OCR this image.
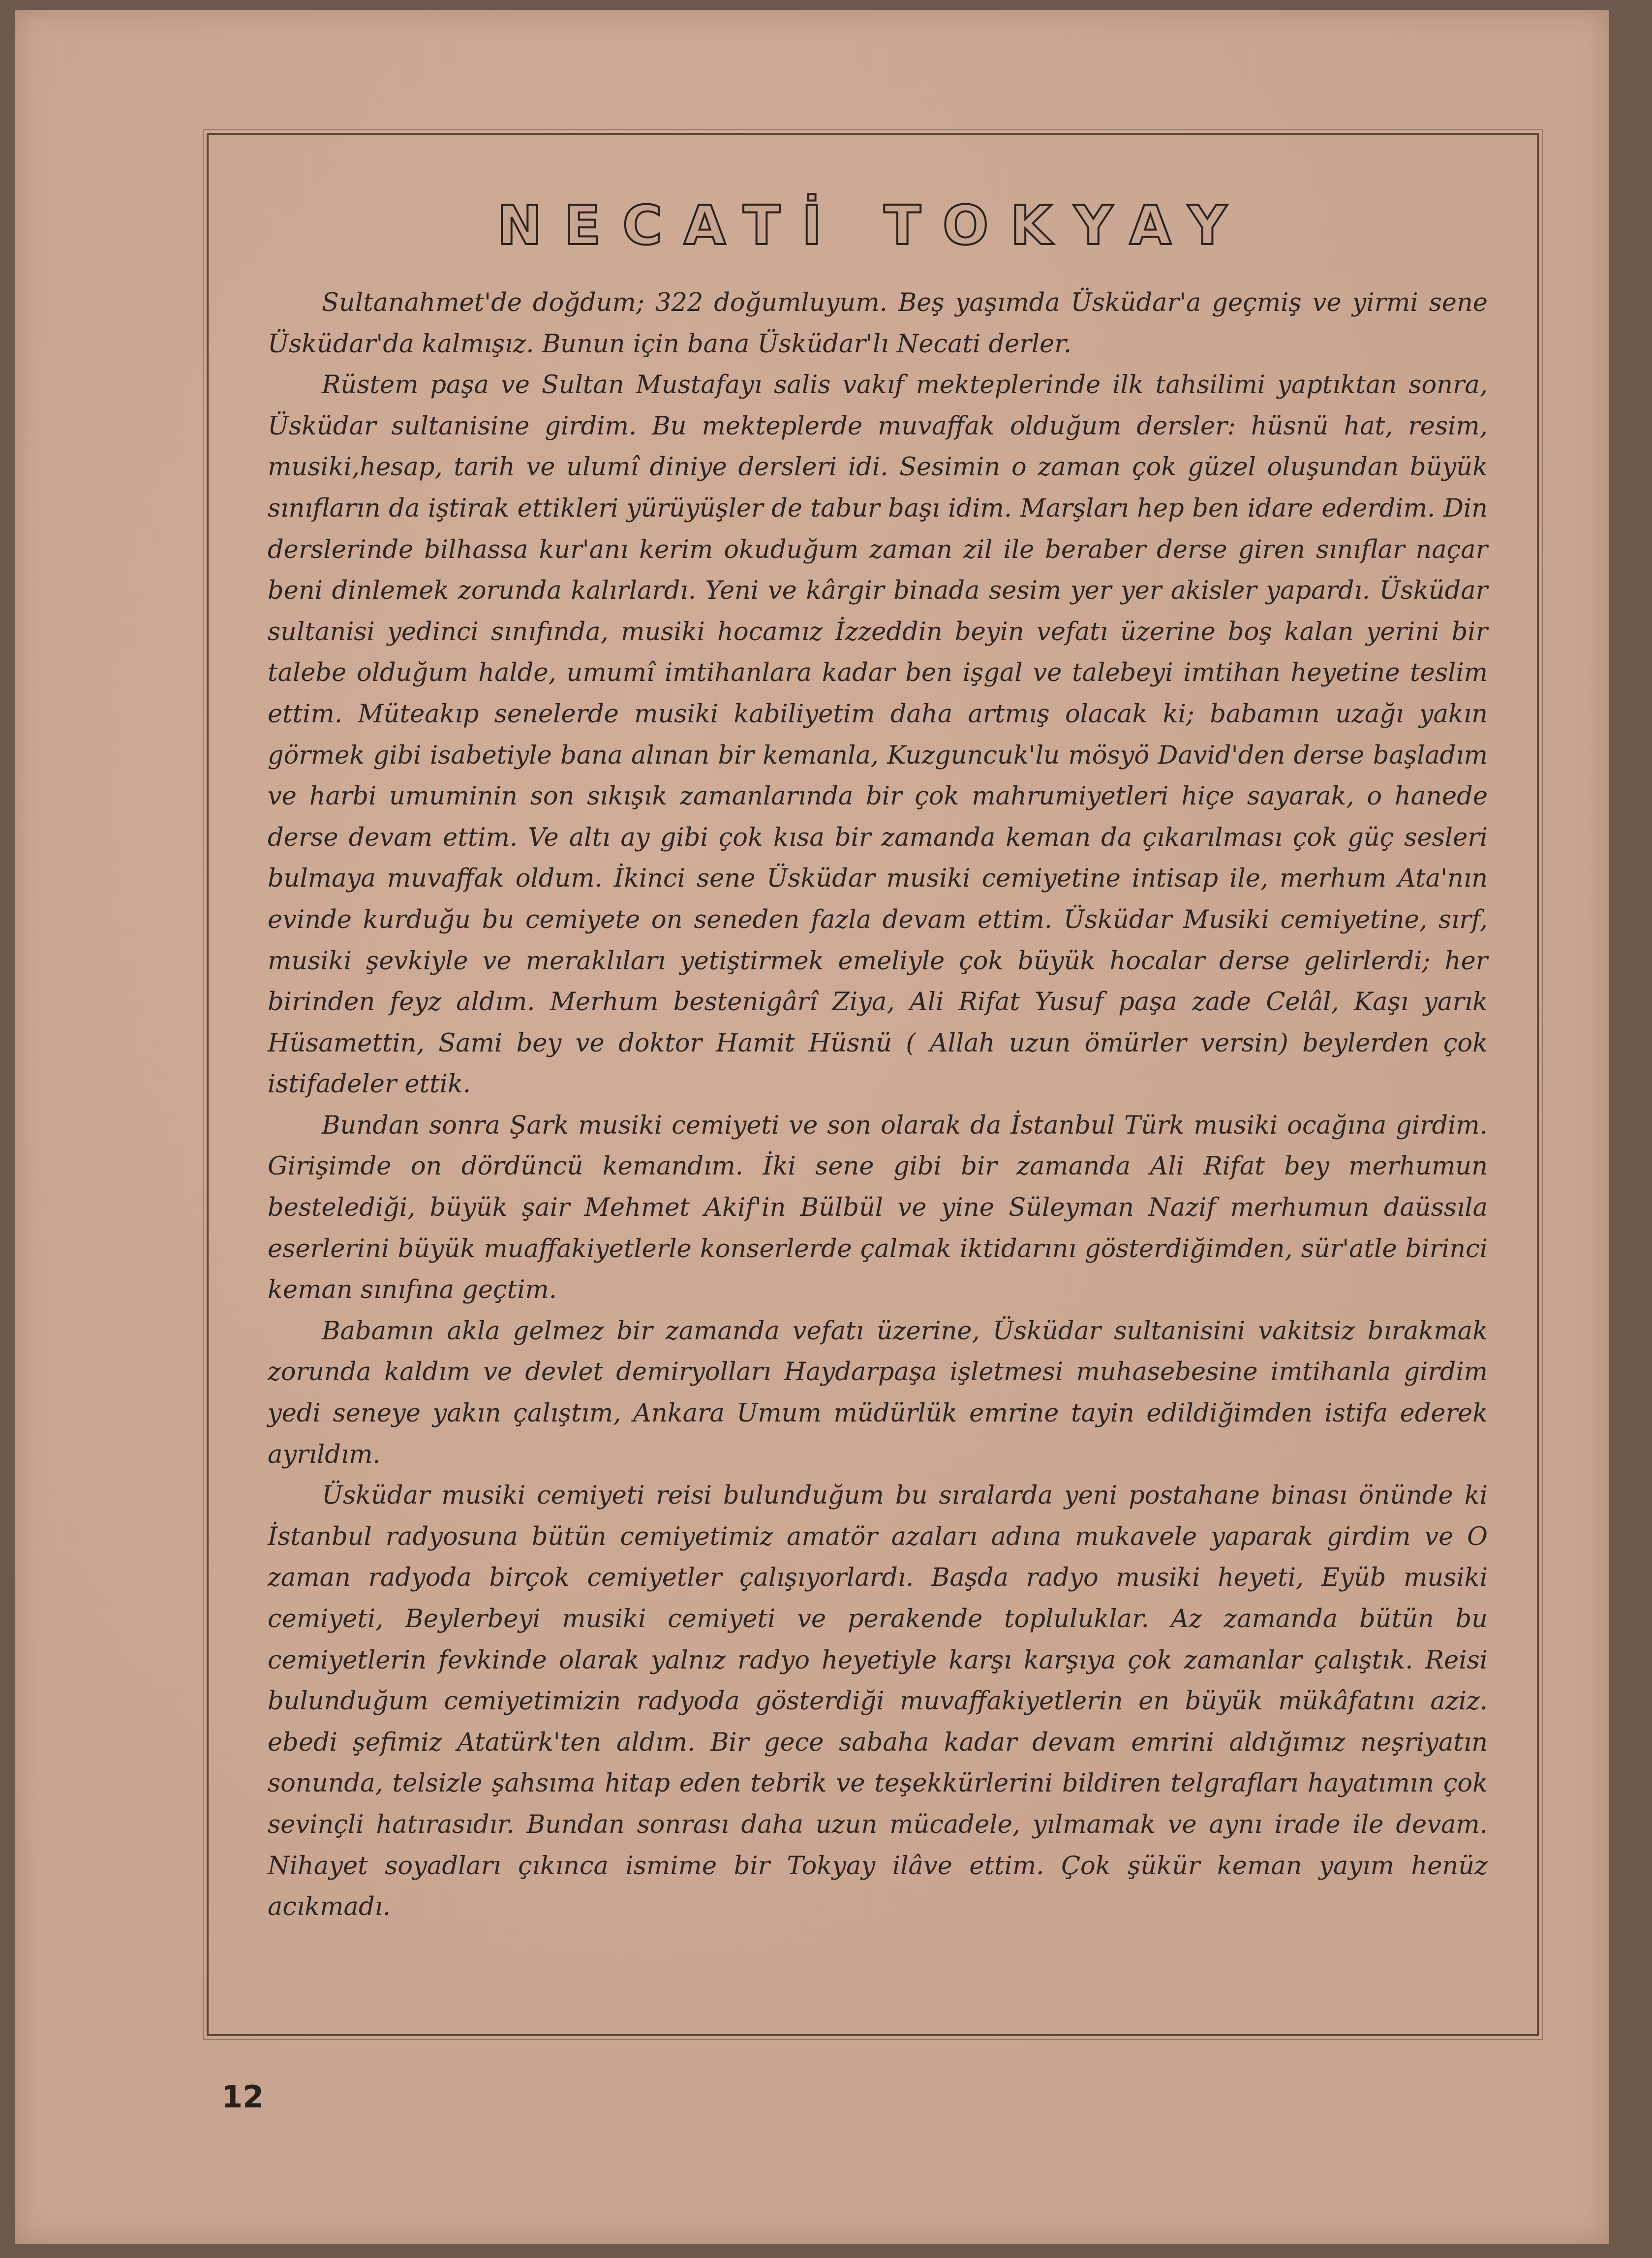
NECATİ TOKYAY

Sultanahmet'de doğdum; 322 doğumluyum. Beş yaşımda Üsküdar'a geçmiş ve yirmi sene Üsküdar'da kalmışız. Bunun için bana Üsküdar'lı Necati derler.

Rüstem paşa ve Sultan Mustafayı salis vakıf mekteplerinde ilk tahsilimi yaptıktan sonra, Üsküdar sultanisine girdim. Bu mekteplerde muvaffak olduğum dersler: hüsnü hat, resim, musiki,hesap, tarih ve ulumî diniye dersleri idi. Sesimin o zaman çok güzel oluşundan büyük sınıfların da iştirak ettikleri yürüyüşler de tabur başı idim. Marşları hep ben idare ederdim. Din derslerinde bilhassa kur'anı kerim okuduğum zaman zil ile beraber derse giren sınıflar naçar beni dinlemek zorunda kalırlardı. Yeni ve kârgir binada sesim yer yer akisler yapardı. Üsküdar sultanisi yedinci sınıfında, musiki hocamız İzzeddin beyin vefatı üzerine boş kalan yerini bir talebe olduğum halde, umumî imtihanlara kadar ben işgal ve talebeyi imtihan heyetine teslim ettim. Müteakıp senelerde musiki kabiliyetim daha artmış olacak ki; babamın uzağı yakın görmek gibi isabetiyle bana alınan bir kemanla, Kuzguncuk'lu mösyö David'den derse başladım ve harbi umuminin son sıkışık zamanlarında bir çok mahrumiyetleri hiçe sayarak, o hanede derse devam ettim. Ve altı ay gibi çok kısa bir zamanda keman da çıkarılması çok güç sesleri bulmaya muvaffak oldum. İkinci sene Üsküdar musiki cemiyetine intisap ile, merhum Ata'nın evinde kurduğu bu cemiyete on seneden fazla devam ettim. Üsküdar Musiki cemiyetine, sırf, musiki şevkiyle ve meraklıları yetiştirmek emeliyle çok büyük hocalar derse gelirlerdi; her birinden feyz aldım. Merhum bestenigârî Ziya, Ali Rifat Yusuf paşa zade Celâl, Kaşı yarık Hüsamettin, Sami bey ve doktor Hamit Hüsnü ( Allah uzun ömürler versin) beylerden çok istifadeler ettik.

Bundan sonra Şark musiki cemiyeti ve son olarak da İstanbul Türk musiki ocağına girdim. Girişimde on dördüncü kemandım. İki sene gibi bir zamanda Ali Rifat bey merhumun bestelediği, büyük şair Mehmet Akif'in Bülbül ve yine Süleyman Nazif merhumun daüssıla eserlerini büyük muaffakiyetlerle konserlerde çalmak iktidarını gösterdiğimden, sür'atle birinci keman sınıfına geçtim.

Babamın akla gelmez bir zamanda vefatı üzerine, Üsküdar sultanisini vakitsiz bırakmak zorunda kaldım ve devlet demiryolları Haydarpaşa işletmesi muhasebesine imtihanla girdim yedi seneye yakın çalıştım, Ankara Umum müdürlük emrine tayin edildiğimden istifa ederek ayrıldım.

Üsküdar musiki cemiyeti reisi bulunduğum bu sıralarda yeni postahane binası önünde ki İstanbul radyosuna bütün cemiyetimiz amatör azaları adına mukavele yaparak girdim ve O zaman radyoda birçok cemiyetler çalışıyorlardı. Başda radyo musiki heyeti, Eyüb musiki cemiyeti, Beylerbeyi musiki cemiyeti ve perakende topluluklar. Az zamanda bütün bu cemiyetlerin fevkinde olarak yalnız radyo heyetiyle karşı karşıya çok zamanlar çalıştık. Reisi bulunduğum cemiyetimizin radyoda gösterdiği muvaffakiyetlerin en büyük mükâfatını aziz. ebedi şefimiz Atatürk'ten aldım. Bir gece sabaha kadar devam emrini aldığımız neşriyatın sonunda, telsizle şahsıma hitap eden tebrik ve teşekkürlerini bildiren telgrafları hayatımın çok sevinçli hatırasıdır. Bundan sonrası daha uzun mücadele, yılmamak ve aynı irade ile devam. Nihayet soyadları çıkınca ismime bir Tokyay ilâve ettim. Çok şükür keman yayım henüz acıkmadı.

12
